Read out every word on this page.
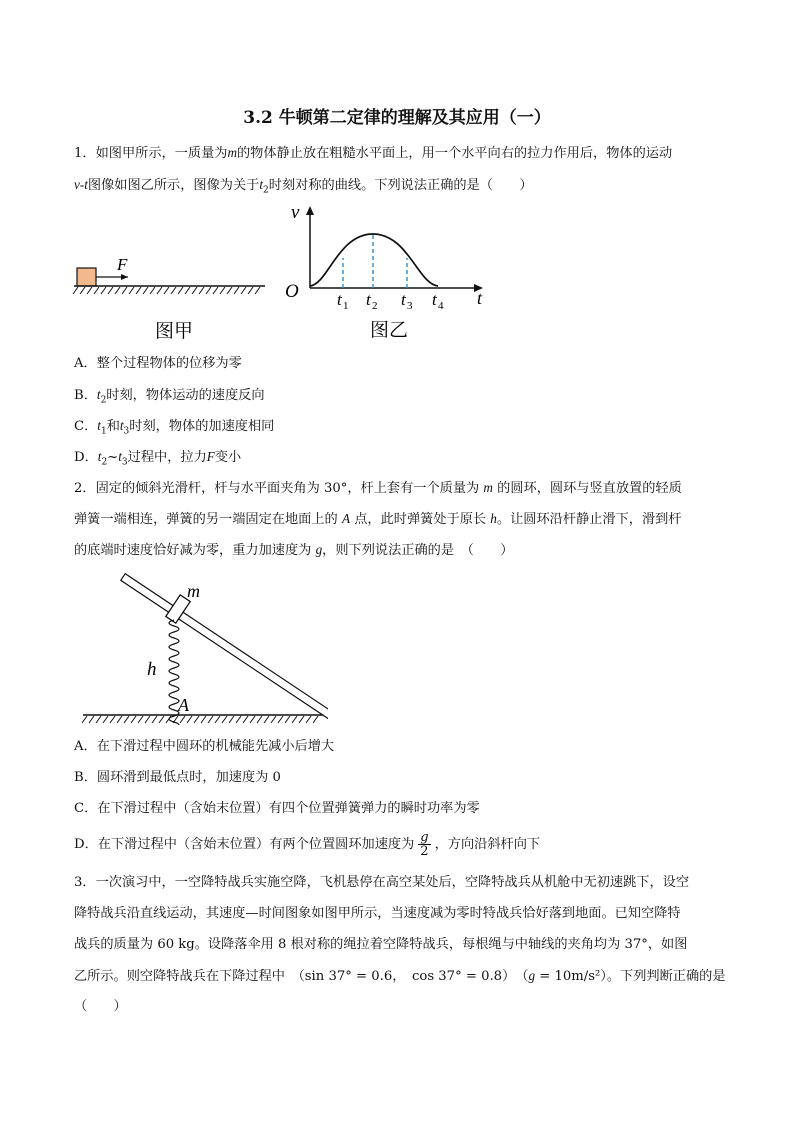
3.2 牛顿第二定律的理解及其应用（一）
1．如图甲所示，一质量为m的物体静止放在粗糙水平面上，用一个水平向右的拉力作用后，物体的运动
v-t图像如图乙所示，图像为关于$t_2$时刻对称的曲线。下列说法正确的是（　　）
F
图甲
v
t
O t 1 t 2 t 3 t 4
图乙
A．整个过程物体的位移为零
B．$t_2$时刻，物体运动的速度反向
C．$t_1$和$t_3$时刻，物体的加速度相同
D．$t_2\sim t_3$过程中，拉力F变小
2．固定的倾斜光滑杆，杆与水平面夹角为 30°，杆上套有一个质量为 m 的圆环，圆环与竖直放置的轻质
弹簧一端相连，弹簧的另一端固定在地面上的 A 点，此时弹簧处于原长 h。让圆环沿杆静止滑下，滑到杆
的底端时速度恰好减为零，重力加速度为 g，则下列说法正确的是　（　　）
m
h
A
A．在下滑过程中圆环的机械能先减小后增大
B．圆环滑到最低点时，加速度为 0
C．在下滑过程中（含始末位置）有四个位置弹簧弹力的瞬时功率为零
D．在下滑过程中（含始末位置）有两个位置圆环加速度为 $\frac{g}{2}$ ，方向沿斜杆向下
3．一次演习中，一空降特战兵实施空降，飞机悬停在高空某处后，空降特战兵从机舱中无初速跳下，设空
降特战兵沿直线运动，其速度—时间图象如图甲所示，当速度减为零时特战兵恰好落到地面。已知空降特
战兵的质量为 60 kg。设降落伞用 8 根对称的绳拉着空降特战兵，每根绳与中轴线的夹角均为 37°，如图
乙所示。则空降特战兵在下降过程中　（sin 37° = 0.6，　cos 37° = 0.8）　（g = 10m/s²）。下列判断正确的是
（　　）
